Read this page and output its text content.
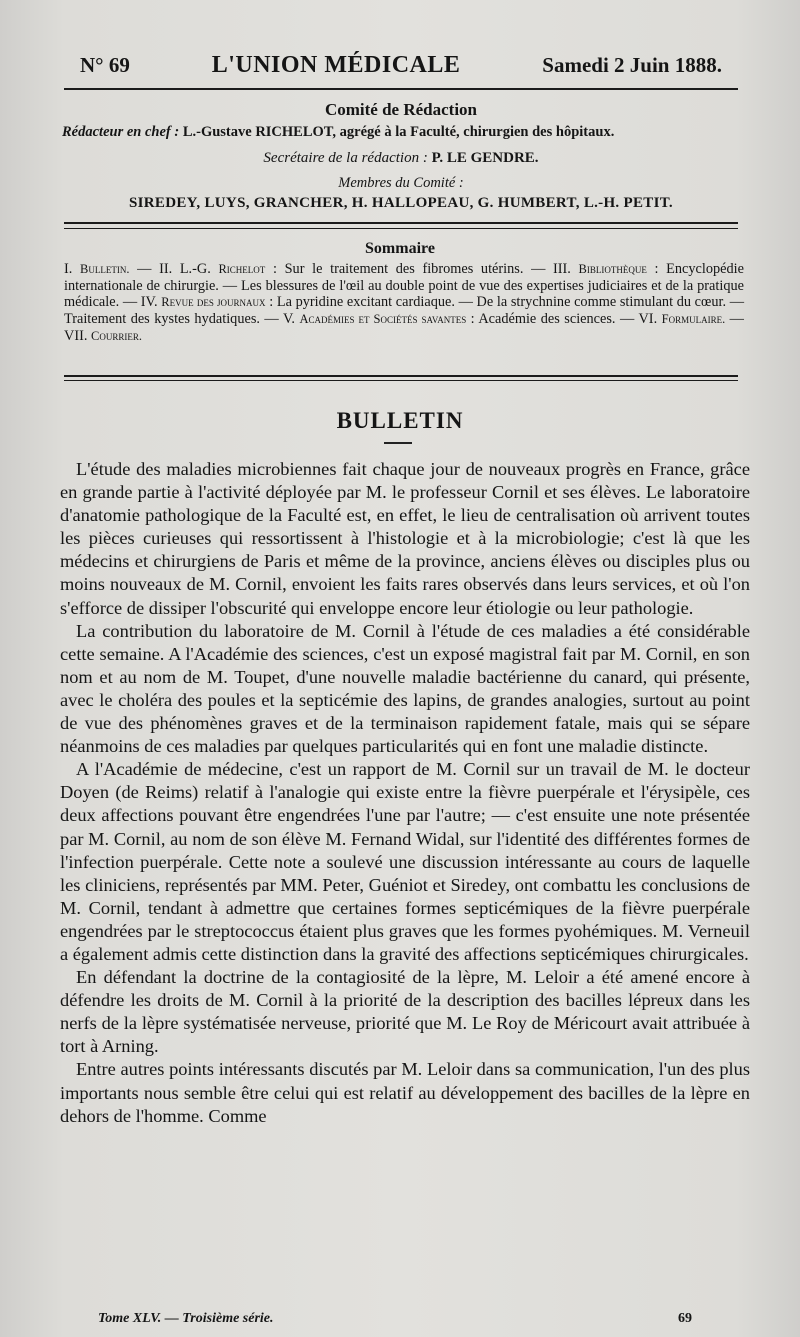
N° 69	L'UNION MÉDICALE	Samedi 2 Juin 1888.
Comité de Rédaction
Rédacteur en chef : L.-Gustave RICHELOT, agrégé à la Faculté, chirurgien des hôpitaux.
Secrétaire de la rédaction : P. LE GENDRE.
Membres du Comité :
SIREDEY, LUYS, GRANCHER, H. HALLOPEAU, G. HUMBERT, L.-H. PETIT.
Sommaire
I. Bulletin. — II. L.-G. Richelot : Sur le traitement des fibromes utérins. — III. Bibliothèque : Encyclopédie internationale de chirurgie. — Les blessures de l'œil au double point de vue des expertises judiciaires et de la pratique médicale. — IV. Revue des journaux : La pyridine excitant cardiaque. — De la strychnine comme stimulant du cœur. — Traitement des kystes hydatiques. — V. Académies et Sociétés savantes : Académie des sciences. — VI. Formulaire. — VII. Courrier.
BULLETIN

L'étude des maladies microbiennes fait chaque jour de nouveaux progrès en France, grâce en grande partie à l'activité déployée par M. le professeur Cornil et ses élèves. Le laboratoire d'anatomie pathologique de la Faculté est, en effet, le lieu de centralisation où arrivent toutes les pièces curieuses qui ressortissent à l'histologie et à la microbiologie; c'est là que les médecins et chirurgiens de Paris et même de la province, anciens élèves ou disciples plus ou moins nouveaux de M. Cornil, envoient les faits rares observés dans leurs services, et où l'on s'efforce de dissiper l'obscurité qui enveloppe encore leur étiologie ou leur pathologie.

La contribution du laboratoire de M. Cornil à l'étude de ces maladies a été considérable cette semaine. A l'Académie des sciences, c'est un exposé magistral fait par M. Cornil, en son nom et au nom de M. Toupet, d'une nouvelle maladie bactérienne du canard, qui présente, avec le choléra des poules et la septicémie des lapins, de grandes analogies, surtout au point de vue des phénomènes graves et de la terminaison rapidement fatale, mais qui se sépare néanmoins de ces maladies par quelques particularités qui en font une maladie distincte.

A l'Académie de médecine, c'est un rapport de M. Cornil sur un travail de M. le docteur Doyen (de Reims) relatif à l'analogie qui existe entre la fièvre puerpérale et l'érysipèle, ces deux affections pouvant être engendrées l'une par l'autre; — c'est ensuite une note présentée par M. Cornil, au nom de son élève M. Fernand Widal, sur l'identité des différentes formes de l'infection puerpérale. Cette note a soulevé une discussion intéressante au cours de laquelle les cliniciens, représentés par MM. Peter, Guéniot et Siredey, ont combattu les conclusions de M. Cornil, tendant à admettre que certaines formes septicémiques de la fièvre puerpérale engendrées par le streptococcus étaient plus graves que les formes pyohémiques. M. Verneuil a également admis cette distinction dans la gravité des affections septicémiques chirurgicales.

En défendant la doctrine de la contagiosité de la lèpre, M. Leloir a été amené encore à défendre les droits de M. Cornil à la priorité de la description des bacilles lépreux dans les nerfs de la lèpre systématisée nerveuse, priorité que M. Le Roy de Méricourt avait attribuée à tort à Arning.

Entre autres points intéressants discutés par M. Leloir dans sa communication, l'un des plus importants nous semble être celui qui est relatif au développement des bacilles de la lèpre en dehors de l'homme. Comme

Tome XLV. — Troisième série.	69
